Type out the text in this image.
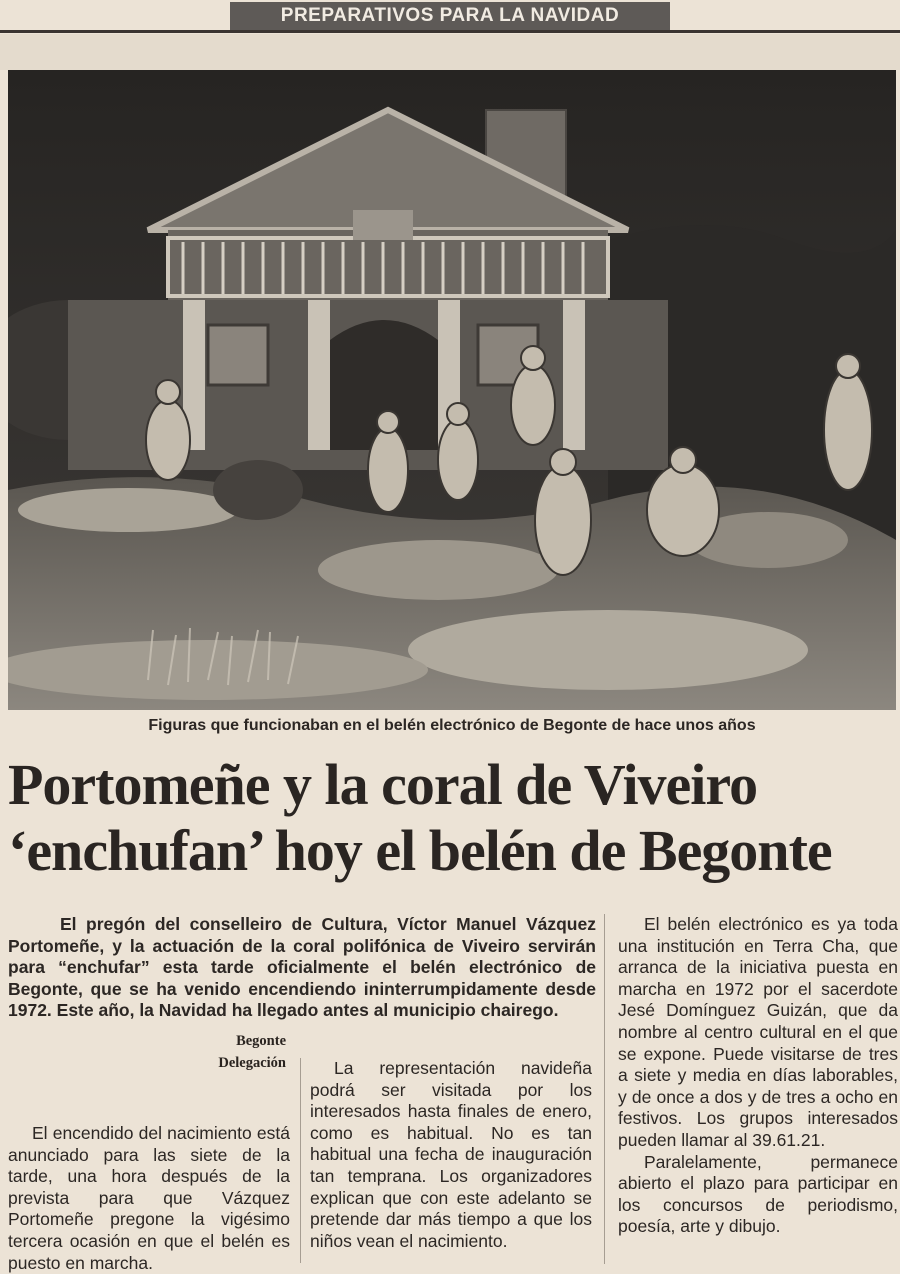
PREPARATIVOS PARA LA NAVIDAD
Figuras que funcionaban en el belén electrónico de Begonte de hace unos años
Portomeñe y la coral de Viveiro
‘enchufan’ hoy el belén de Begonte

El pregón del conselleiro de Cultura, Víctor Manuel Vázquez Portomeñe, y la actuación de la coral polifónica de Viveiro servirán para “enchufar” esta tarde oficialmente el belén electrónico de Begonte, que se ha venido encendiendo ininterrumpidamente desde 1972. Este año, la Navidad ha llegado antes al municipio chairego.

Begonte
Delegación

El encendido del nacimiento está anunciado para las siete de la tarde, una hora después de la prevista para que Vázquez Portomeñe pregone la vigésimo tercera ocasión en que el belén es puesto en marcha.

La representación navideña podrá ser visitada por los interesados hasta finales de enero, como es habitual. No es tan habitual una fecha de inauguración tan temprana. Los organizadores explican que con este adelanto se pretende dar más tiempo a que los niños vean el nacimiento.

El belén electrónico es ya toda una institución en Terra Cha, que arranca de la iniciativa puesta en marcha en 1972 por el sacerdote Jesé Domínguez Guizán, que da nombre al centro cultural en el que se expone. Puede visitarse de tres a siete y media en días laborables, y de once a dos y de tres a ocho en festivos. Los grupos interesados pueden llamar al 39.61.21.

Paralelamente, permanece abierto el plazo para participar en los concursos de periodismo, poesía, arte y dibujo.
